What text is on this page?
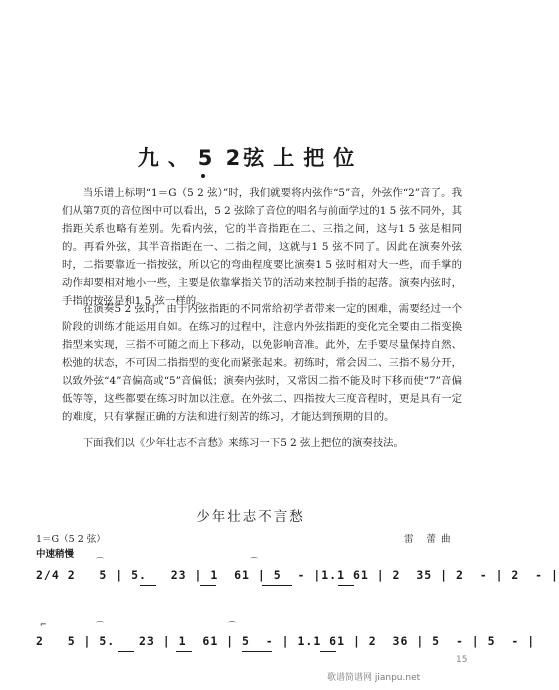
九、5 2
弦上把位

当乐谱上标明“1＝G（5 2 弦）”时，我们就要将内弦作“5”音，外弦作“2”音了。我们从第7页的音位图中可以看出，5 2 弦除了音位的唱名与前面学过的1 5 弦不同外，其指距关系也略有差别。先看内弦，它的半音指距在二、三指之间，这与1 5 弦是相同的。再看外弦，其半音指距在一、二指之间，这就与1 5 弦不同了。因此在演奏外弦时，二指要靠近一指按弦，所以它的弯曲程度要比演奏1 5 弦时相对大一些，而手掌的动作却要相对地小一些，主要是依靠掌指关节的活动来控制手指的起落。演奏内弦时，手指的按弦是和1 5 弦一样的。

在演奏5 2 弦时，由于内弦指距的不同常给初学者带来一定的困难，需要经过一个阶段的训练才能运用自如。在练习的过程中，注意内外弦指距的变化完全要由二指变换指型来实现，三指不可随之而上下移动，以免影响音准。此外，左手要尽量保持自然、松弛的状态，不可因二指指型的变化而紧张起来。初练时，常会因二、三指不易分开，以致外弦“4”音偏高或“5”音偏低；演奏内弦时，又常因二指不能及时下移而使“7”音偏低等等，这些都要在练习时加以注意。在外弦二、四指按大三度音程时，更是具有一定的难度，只有掌握正确的方法和进行刻苦的练习，才能达到预期的目的。

下面我们以《少年壮志不言愁》来练习一下5 2 弦上把位的演奏技法。

少年壮志不言愁
1＝G（5 2 弦）	雷 蕾曲
中速稍慢
2/4 2   5 | 5.   23 | 1  61 | 5  - |1.1 61 | 2  35 | 2  - | 2  - |
⌒	⌒
2   5 | 5.   23 | 1  61 | 5  - | 1.1 61 | 2  36 | 5  - | 5  - |
⌐	⌒	⌒
15
歌谱简谱网 jianpu.net
